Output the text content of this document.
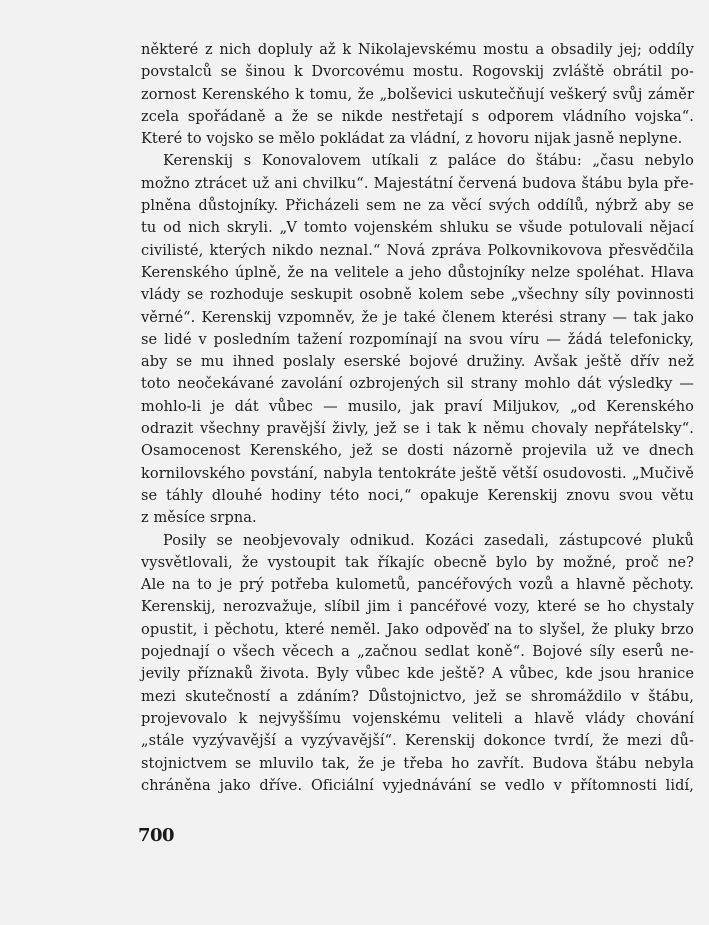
některé z nich dopluly až k Nikolajevskému mostu a obsadily jej; oddíly
povstalců se šinou k Dvorcovému mostu. Rogovskij zvláště obrátil po-
zornost Kerenského k tomu, že „bolševici uskutečňují veškerý svůj záměr
zcela spořádaně a že se nikde nestřetají s odporem vládního vojska“.
Které to vojsko se mělo pokládat za vládní, z hovoru nijak jasně neplyne.
Kerenskij s Konovalovem utíkali z paláce do štábu: „času nebylo
možno ztrácet už ani chvilku“. Majestátní červená budova štábu byla pře-
plněna důstojníky. Přicházeli sem ne za věcí svých oddílů, nýbrž aby se
tu od nich skryli. „V tomto vojenském shluku se všude potulovali nějací
civilisté, kterých nikdo neznal.“ Nová zpráva Polkovnikovova přesvědčila
Kerenského úplně, že na velitele a jeho důstojníky nelze spoléhat. Hlava
vlády se rozhoduje seskupit osobně kolem sebe „všechny síly povinnosti
věrné“. Kerenskij vzpomněv, že je také členem kterési strany — tak jako
se lidé v posledním tažení rozpomínají na svou víru — žádá telefonicky,
aby se mu ihned poslaly eserské bojové družiny. Avšak ještě dřív než
toto neočekávané zavolání ozbrojených sil strany mohlo dát výsledky —
mohlo-li je dát vůbec — musilo, jak praví Miljukov, „od Kerenského
odrazit všechny pravější živly, jež se i tak k němu chovaly nepřátelsky“.
Osamocenost Kerenského, jež se dosti názorně projevila už ve dnech
kornilovského povstání, nabyla tentokráte ještě větší osudovosti. „Mučivě
se táhly dlouhé hodiny této noci,“ opakuje Kerenskij znovu svou větu
z měsíce srpna.
Posily se neobjevovaly odnikud. Kozáci zasedali, zástupcové pluků
vysvětlovali, že vystoupit tak říkajíc obecně bylo by možné, proč ne?
Ale na to je prý potřeba kulometů, pancéřových vozů a hlavně pěchoty.
Kerenskij, nerozvažuje, slíbil jim i pancéřové vozy, které se ho chystaly
opustit, i pěchotu, které neměl. Jako odpověď na to slyšel, že pluky brzo
pojednají o všech věcech a „začnou sedlat koně“. Bojové síly eserů ne-
jevily příznaků života. Byly vůbec kde ještě? A vůbec, kde jsou hranice
mezi skutečností a zdáním? Důstojnictvo, jež se shromáždilo v štábu,
projevovalo k nejvyššímu vojenskému veliteli a hlavě vlády chování
„stále vyzývavější a vyzývavější“. Kerenskij dokonce tvrdí, že mezi dů-
stojnictvem se mluvilo tak, že je třeba ho zavřít. Budova štábu nebyla
chráněna jako dříve. Oficiální vyjednávání se vedlo v přítomnosti lidí,
700
